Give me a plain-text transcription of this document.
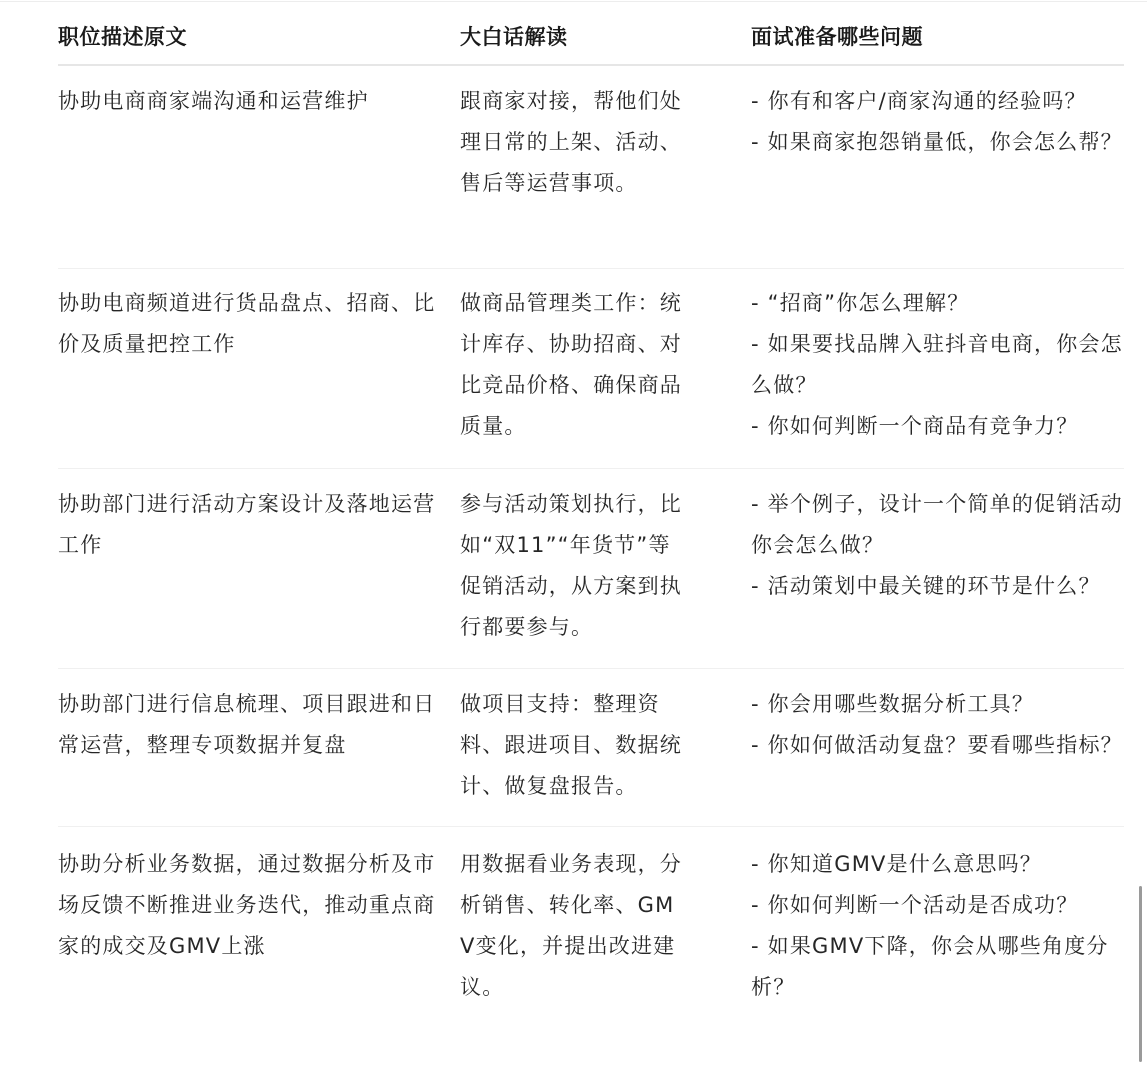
职位描述原文	大白话解读	面试准备哪些问题
协助电商商家端沟通和运营维护	跟商家对接，帮他们处理日常的上架、活动、售后等运营事项。	- 你有和客户/商家沟通的经验吗？
- 如果商家抱怨销量低，你会怎么帮？

协助电商频道进行货品盘点、招商、比价及质量把控工作	做商品管理类工作：统计库存、协助招商、对比竞品价格、确保商品质量。	- “招商”你怎么理解？
- 如果要找品牌入驻抖音电商，你会怎么做？
- 你如何判断一个商品有竞争力？

协助部门进行活动方案设计及落地运营工作	参与活动策划执行，比如“双11”“年货节”等促销活动，从方案到执行都要参与。	- 举个例子，设计一个简单的促销活动你会怎么做？
- 活动策划中最关键的环节是什么？

协助部门进行信息梳理、项目跟进和日常运营，整理专项数据并复盘	做项目支持：整理资料、跟进项目、数据统计、做复盘报告。	- 你会用哪些数据分析工具？
- 你如何做活动复盘？要看哪些指标？

协助分析业务数据，通过数据分析及市场反馈不断推进业务迭代，推动重点商家的成交及GMV上涨	用数据看业务表现，分析销售、转化率、GMV变化，并提出改进建议。	- 你知道GMV是什么意思吗？
- 你如何判断一个活动是否成功？
- 如果GMV下降，你会从哪些角度分析？
